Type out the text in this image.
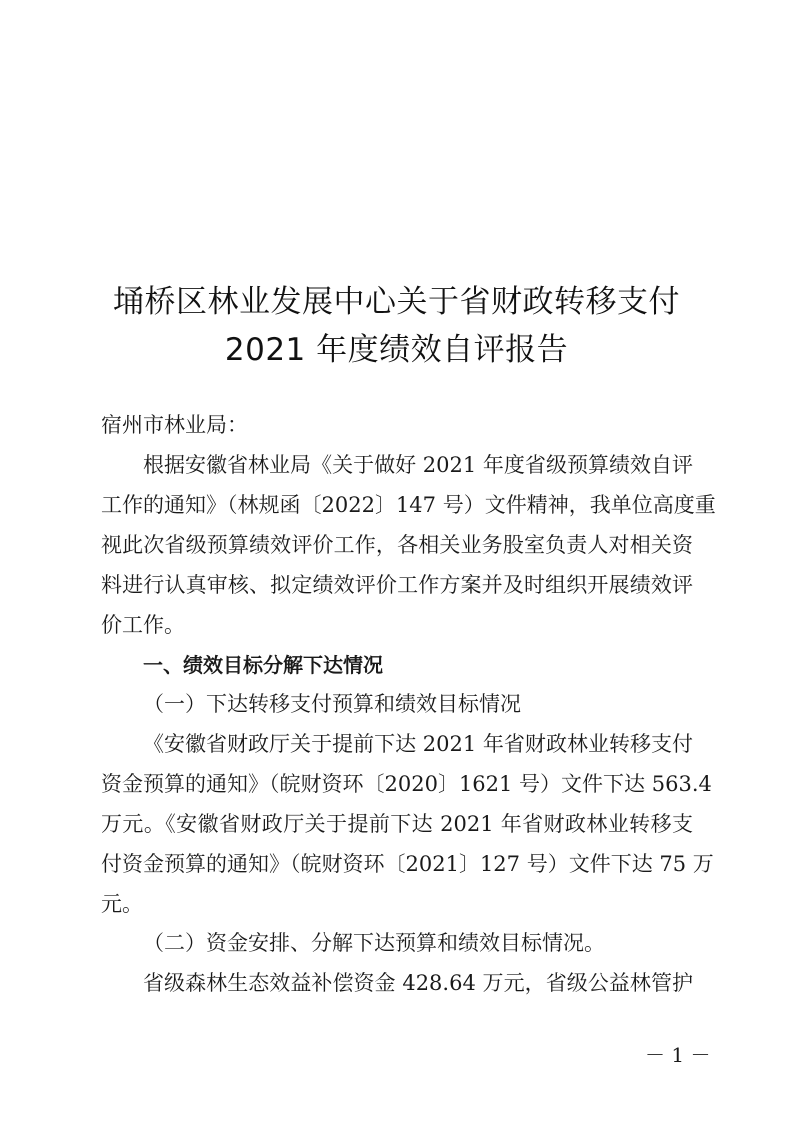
埇桥区林业发展中心关于省财政转移支付
2021 年度绩效自评报告
宿州市林业局：
根据安徽省林业局《关于做好 2021 年度省级预算绩效自评
工作的通知》（林规函〔2022〕147 号）文件精神，我单位高度重
视此次省级预算绩效评价工作，各相关业务股室负责人对相关资
料进行认真审核、拟定绩效评价工作方案并及时组织开展绩效评
价工作。
一、绩效目标分解下达情况
（一）下达转移支付预算和绩效目标情况
《安徽省财政厅关于提前下达 2021 年省财政林业转移支付
资金预算的通知》（皖财资环〔2020〕1621 号）文件下达 563.4
万元。《安徽省财政厅关于提前下达 2021 年省财政林业转移支
付资金预算的通知》（皖财资环〔2021〕127 号）文件下达 75 万
元。
（二）资金安排、分解下达预算和绩效目标情况。
省级森林生态效益补偿资金 428.64 万元，省级公益林管护
－ 1 －
